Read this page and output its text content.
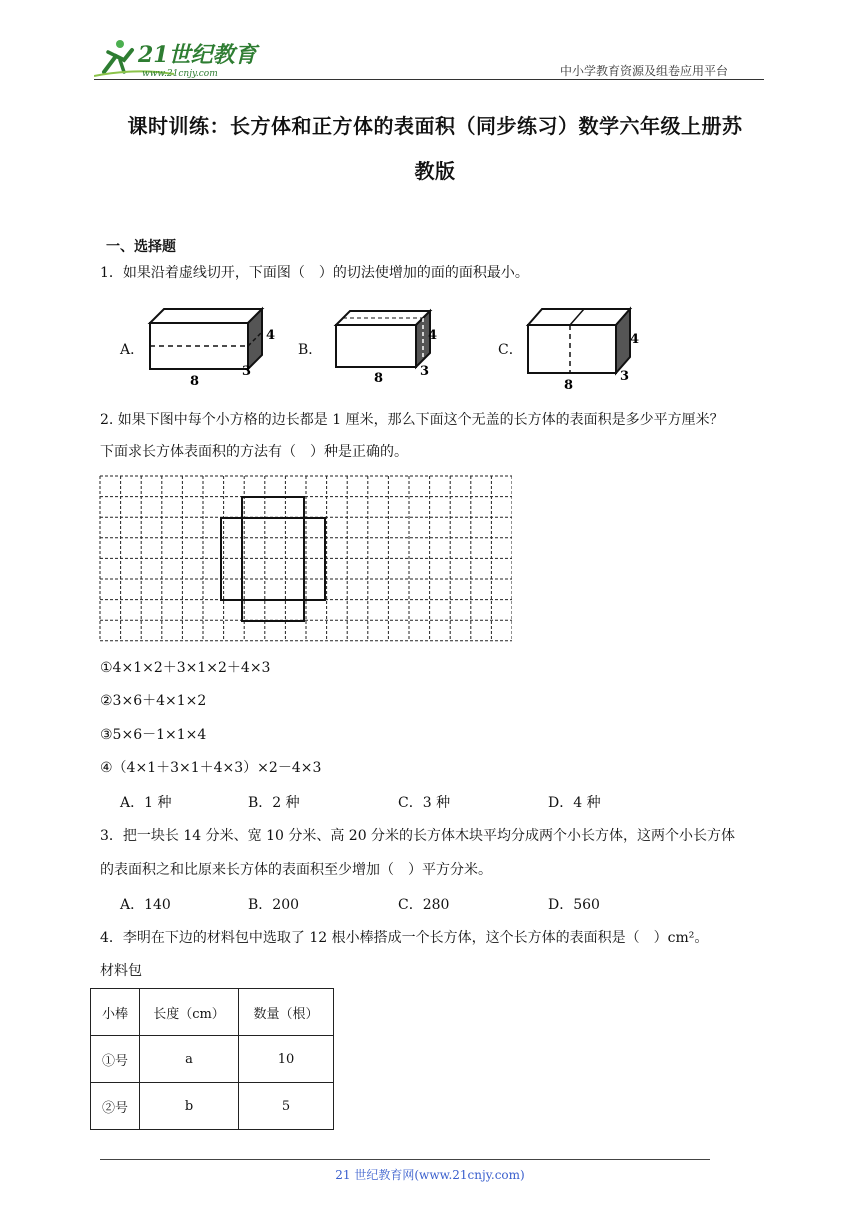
21世纪教育
www.21cnjy.com	中小学教育资源及组卷应用平台
课时训练：长方体和正方体的表面积（同步练习）数学六年级上册苏
教版
一、选择题
1．如果沿着虚线切开，下面图（　）的切法使增加的面的面积最小。
A．
4
8
3
B．
4
8	3
C．
4
8
3
2. 如果下图中每个小方格的边长都是 1 厘米，那么下面这个无盖的长方体的表面积是多少平方厘米？
下面求长方体表面积的方法有（　）种是正确的。
①4×1×2＋3×1×2＋4×3
②3×6＋4×1×2
③5×6－1×1×4
④（4×1＋3×1＋4×3）×2－4×3
A．1 种	B．2 种	C．3 种	D．4 种
3．把一块长 14 分米、宽 10 分米、高 20 分米的长方体木块平均分成两个小长方体，这两个小长方体
的表面积之和比原来长方体的表面积至少增加（　）平方分米。
A．140	B．200	C．280	D．560
4．李明在下边的材料包中选取了 12 根小棒搭成一个长方体，这个长方体的表面积是（　）cm²。
材料包
小棒	长度（cm）	数量（根）
①号	a	10
②号	b	5
21 世纪教育网(www.21cnjy.com)
